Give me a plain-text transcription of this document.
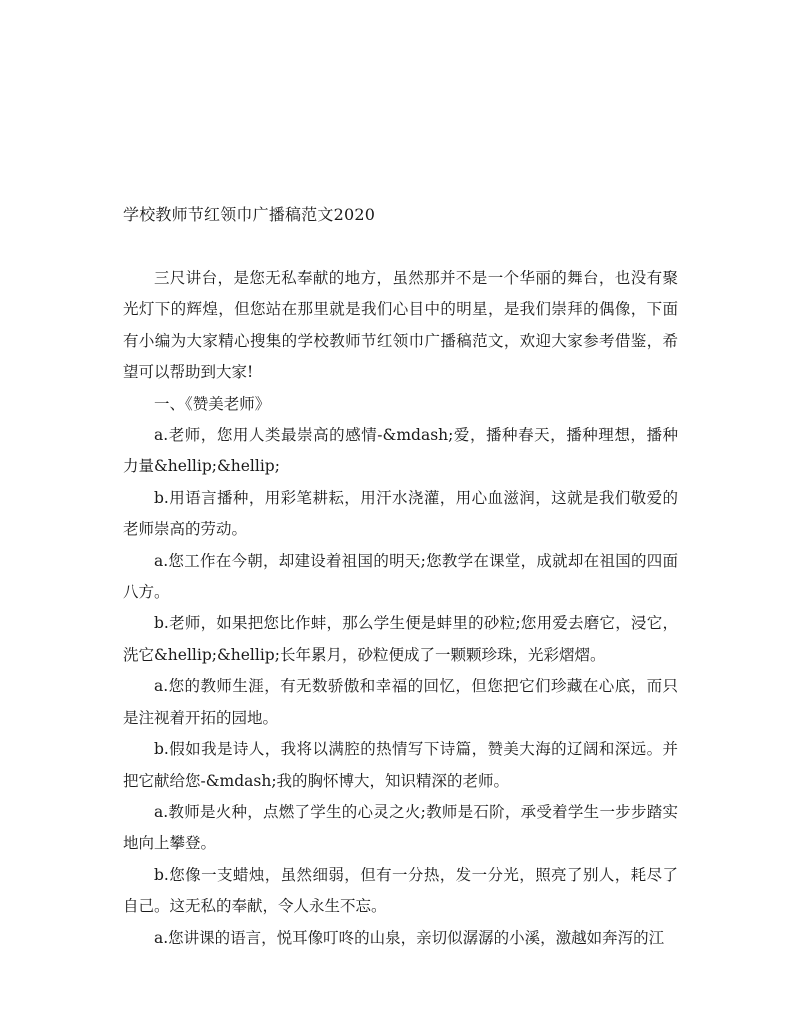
学校教师节红领巾广播稿范文2020

三尺讲台，是您无私奉献的地方，虽然那并不是一个华丽的舞台，也没有聚光灯下的辉煌，但您站在那里就是我们心目中的明星，是我们崇拜的偶像，下面有小编为大家精心搜集的学校教师节红领巾广播稿范文，欢迎大家参考借鉴，希望可以帮助到大家!

一、《赞美老师》

a.老师，您用人类最崇高的感情-&mdash;爱，播种春天，播种理想，播种力量&hellip;&hellip;

b.用语言播种，用彩笔耕耘，用汗水浇灌，用心血滋润，这就是我们敬爱的老师崇高的劳动。

a.您工作在今朝，却建设着祖国的明天;您教学在课堂，成就却在祖国的四面八方。

b.老师，如果把您比作蚌，那么学生便是蚌里的砂粒;您用爱去磨它，浸它，洗它&hellip;&hellip;长年累月，砂粒便成了一颗颗珍珠，光彩熠熠。

a.您的教师生涯，有无数骄傲和幸福的回忆，但您把它们珍藏在心底，而只是注视着开拓的园地。

b.假如我是诗人，我将以满腔的热情写下诗篇，赞美大海的辽阔和深远。并把它献给您-&mdash;我的胸怀博大，知识精深的老师。

a.教师是火种，点燃了学生的心灵之火;教师是石阶，承受着学生一步步踏实地向上攀登。

b.您像一支蜡烛，虽然细弱，但有一分热，发一分光，照亮了别人，耗尽了自己。这无私的奉献，令人永生不忘。

a.您讲课的语言，悦耳像叮咚的山泉，亲切似潺潺的小溪，激越如奔泻的江
